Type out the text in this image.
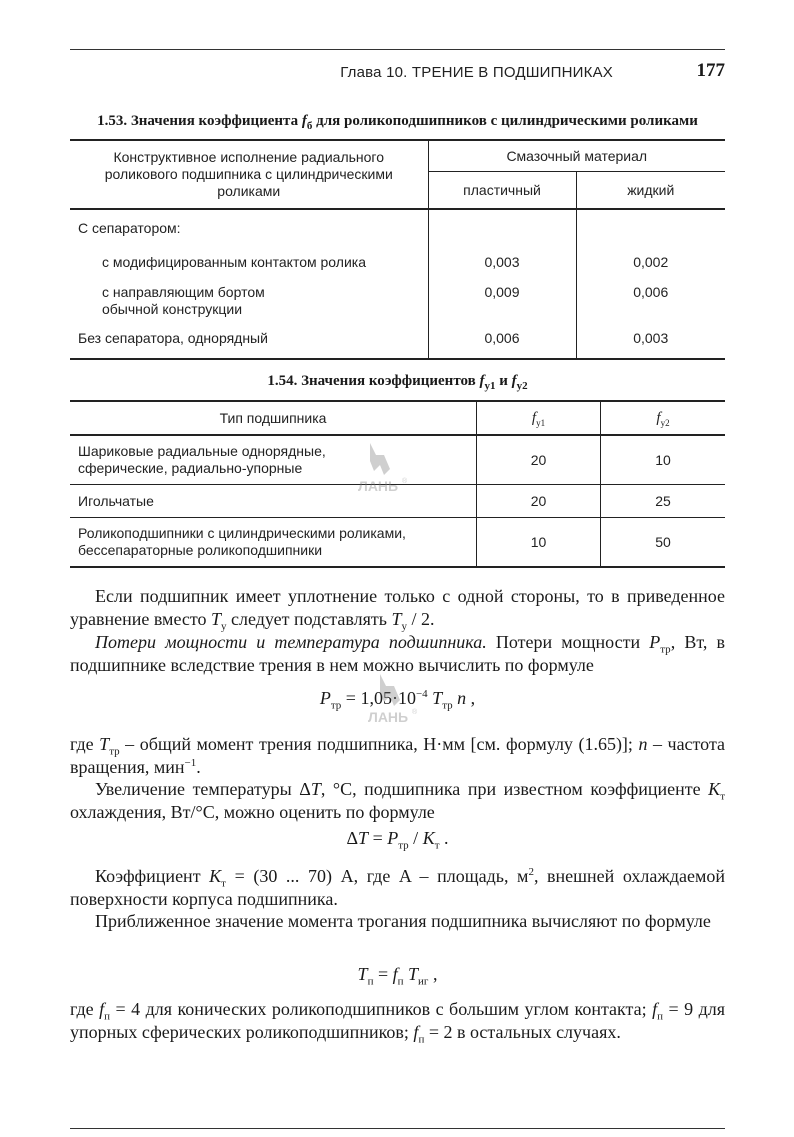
Глава 10. ТРЕНИЕ В ПОДШИПНИКАХ	177
1.53. Значения коэффициента $f_б$ для роликоподшипников с цилиндрическими роликами
Конструктивное исполнение радиального роликового подшипника с цилиндрическими роликами	Смазочный материал	
	пластичный	жидкий
С сепаратором:		
с модифицированным контактом ролика	0,003	0,002
с направляющим бортом обычной конструкции	0,009	0,006
Без сепаратора, однорядный	0,006	0,003
1.54. Значения коэффициентов $f_{y1}$ и $f_{y2}$
Тип подшипника	$f_{y1}$	$f_{y2}$
Шариковые радиальные однорядные, сферические, радиально-упорные	20	10
Игольчатые	20	25
Роликоподшипники с цилиндрическими роликами, бессепараторные роликоподшипники	10	50

Если подшипник имеет уплотнение только с одной стороны, то в приведенное уравнение вместо $T_у$ следует подставлять $T_у / 2$.

Потери мощности и температура подшипника. Потери мощности $P_{тр}$, Вт, в подшипнике вследствие трения в нем можно вычислить по формуле

$P_{тр} = 1,05\cdot 10^{-4}$ $T_{тр}$ n ,

где $T_{тр}$ – общий момент трения подшипника, Н·мм [см. формулу (1.65)]; n – частота вращения, мин$^{-1}$.

Увеличение температуры ΔT, °С, подшипника при известном коэффициенте $K_т$ охлаждения, Вт/°С, можно оценить по формуле

$\Delta T = P_{тр} / K_т$ .

Коэффициент $K_т = (30$ ... 70) A, где A – площадь, $м^2$, внешней охлаждаемой поверхности корпуса подшипника.

Приближенное значение момента трогания подшипника вычисляют по формуле

$T_п = f_п$ $T_{иг}$ ,

где $f_п = 4$ для конических роликоподшипников с большим углом контакта; $f_п = 9$ для упорных сферических роликоподшипников; $f_п = 2$ в остальных случаях.

ЛАНЬ ®
ЛАНЬ ®
